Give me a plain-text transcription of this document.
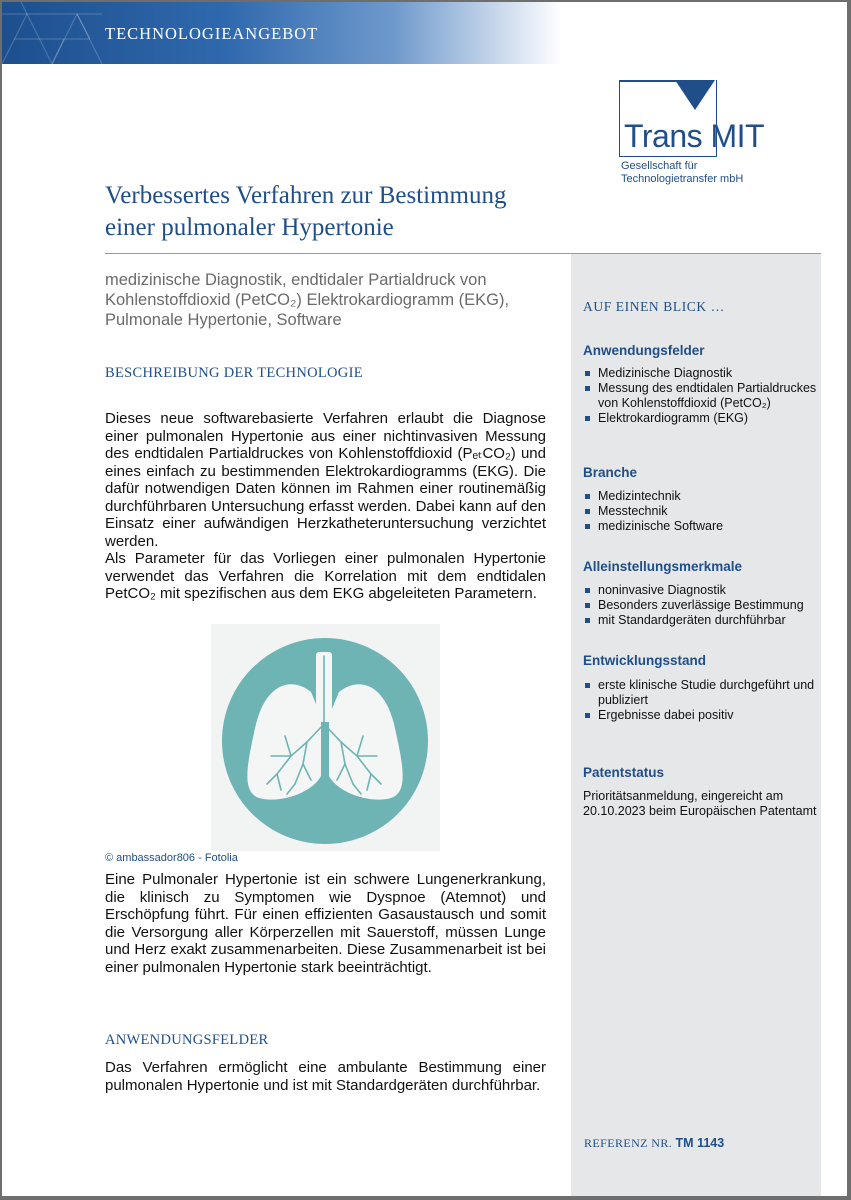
TECHNOLOGIEANGEBOT
Trans MIT
Gesellschaft für
Technologietransfer mbH
Verbessertes Verfahren zur Bestimmung
einer pulmonaler Hypertonie
medizinische Diagnostik, endtidaler Partialdruck von
Kohlenstoffdioxid (PetCO₂) Elektrokardiogramm (EKG),
Pulmonale Hypertonie, Software
BESCHREIBUNG DER TECHNOLOGIE

Dieses neue softwarebasierte Verfahren erlaubt die Diagnose einer pulmonalen Hypertonie aus einer nichtinvasiven Messung des endtidalen Partialdruckes von Kohlenstoffdioxid (PₑₜCO₂) und eines einfach zu bestimmenden Elektrokardiogramms (EKG). Die dafür notwendigen Daten können im Rahmen einer routinemäßig durchführbaren Untersuchung erfasst werden. Dabei kann auf den Einsatz einer aufwändigen Herzkatheteruntersuchung verzichtet werden.

Als Parameter für das Vorliegen einer pulmonalen Hypertonie verwendet das Verfahren die Korrelation mit dem endtidalen PetCO₂ mit spezifischen aus dem EKG abgeleiteten Parametern.

© ambassador806 - Fotolia
Eine Pulmonaler Hypertonie ist ein schwere Lungenerkrankung, die klinisch zu Symptomen wie Dyspnoe (Atemnot) und Erschöpfung führt. Für einen effizienten Gasaustausch und somit die Versorgung aller Körperzellen mit Sauerstoff, müssen Lunge und Herz exakt zusammenarbeiten. Diese Zusammenarbeit ist bei einer pulmonalen Hypertonie stark beeinträchtigt.
ANWENDUNGSFELDER
Das Verfahren ermöglicht eine ambulante Bestimmung einer pulmonalen Hypertonie und ist mit Standardgeräten durchführbar.
AUF EINEN BLICK …
Anwendungsfelder
Medizinische Diagnostik
Messung des endtidalen Partialdruckes von Kohlenstoffdioxid (PetCO₂)
Elektrokardiogramm (EKG)
Branche
Medizintechnik
Messtechnik
medizinische Software
Alleinstellungsmerkmale
noninvasive Diagnostik
Besonders zuverlässige Bestimmung
mit Standardgeräten durchführbar
Entwicklungsstand
erste klinische Studie durchgeführt und publiziert
Ergebnisse dabei positiv
Patentstatus
Prioritätsanmeldung, eingereicht am 20.10.2023 beim Europäischen Patentamt
REFERENZ NR. TM 1143
